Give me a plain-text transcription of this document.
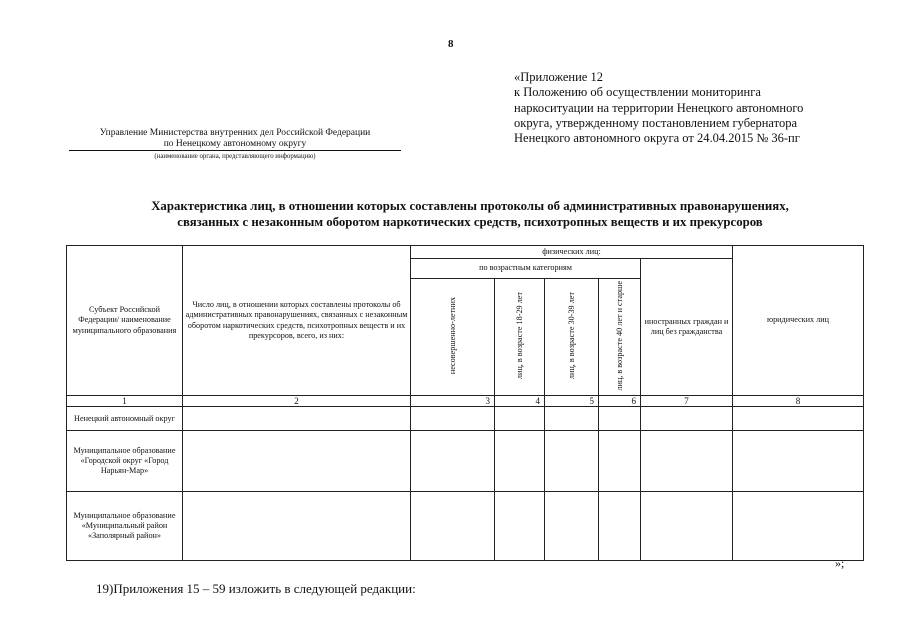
8
«Приложение 12
к Положению об осуществлении мониторинга
наркоситуации на территории Ненецкого автономного
округа, утвержденному постановлением губернатора
Ненецкого автономного округа от 24.04.2015 № 36-пг
Управление Министерства внутренних дел Российской Федерации
по Ненецкому автономному округу
(наименование органа, представляющего информацию)
Характеристика лиц, в отношении которых составлены протоколы об административных правонарушениях,
связанных с незаконным оборотом наркотических средств, психотропных веществ и их прекурсоров
Субъект Российской Федерации/ наименование муниципального образования	Число лиц, в отношении которых составлены протоколы об административных правонарушениях, связанных с незаконным оборотом наркотических средств, психотропных веществ и их прекурсоров, всего, из них:	физических лиц:					юридических лиц
		по возрастным категориям				иностранных граждан и лиц без гражданства	
		несовершенно-летних	лиц, в возрасте 18-29 лет	лиц, в возрасте 30-39 лет	лиц, в возрасте 40 лет и старше		
1	2	3	4	5	6	7	8
Ненецкий автономный округ							
Муниципальное образование «Городской округ «Город Нарьян-Мар»							
Муниципальное образование «Муниципальный район «Заполярный район»							
»;
19)Приложения 15 – 59 изложить в следующей редакции:
